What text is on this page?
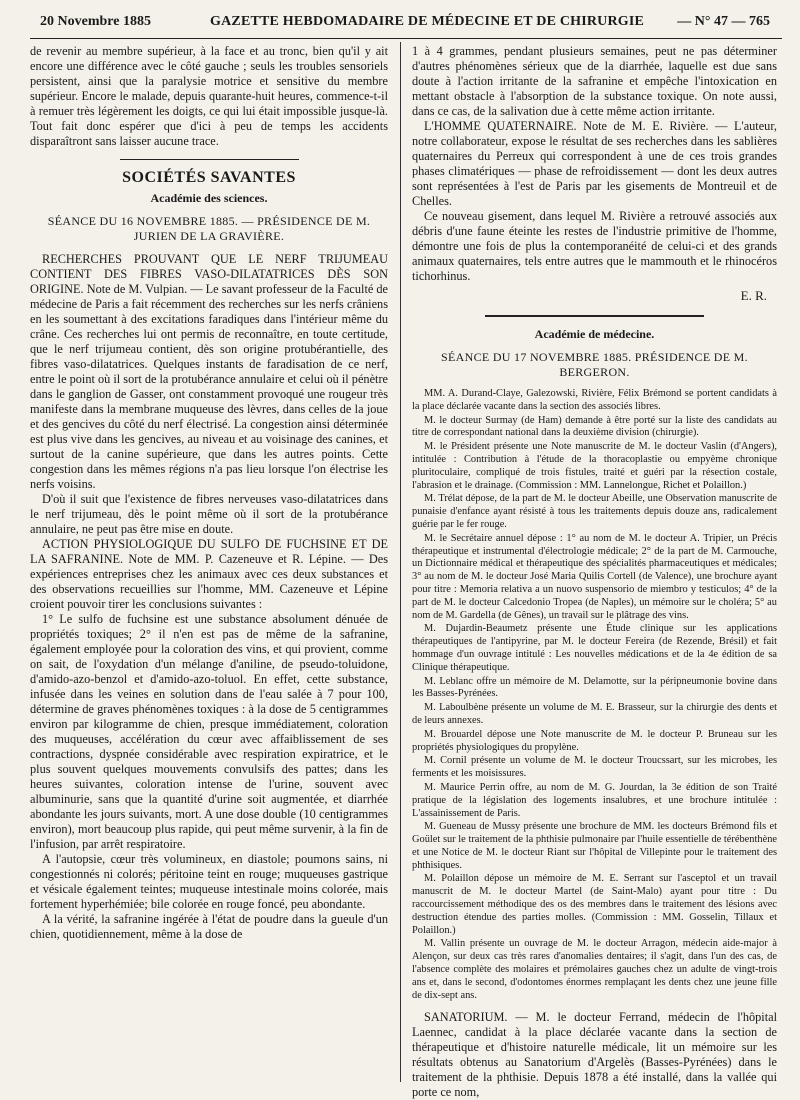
20 Novembre 1885	GAZETTE HEBDOMADAIRE DE MÉDECINE ET DE CHIRURGIE — N° 47 — 765

de revenir au membre supérieur, à la face et au tronc, bien qu'il y ait encore une différence avec le côté gauche ; seuls les troubles sensoriels persistent, ainsi que la paralysie motrice et sensitive du membre supérieur. Encore le malade, depuis quarante-huit heures, commence-t-il à remuer très légèrement les doigts, ce qui lui était impossible jusque-là. Tout fait donc espérer que d'ici à peu de temps les accidents disparaîtront sans laisser aucune trace.

SOCIÉTÉS SAVANTES
Académie des sciences.
SÉANCE DU 16 NOVEMBRE 1885. — PRÉSIDENCE DE M. JURIEN DE LA GRAVIÈRE.

RECHERCHES PROUVANT QUE LE NERF TRIJUMEAU CONTIENT DES FIBRES VASO-DILATATRICES DÈS SON ORIGINE. Note de M. Vulpian. — Le savant professeur de la Faculté de médecine de Paris a fait récemment des recherches sur les nerfs crâniens en les soumettant à des excitations faradiques dans l'intérieur même du crâne. Ces recherches lui ont permis de reconnaître, en toute certitude, que le nerf trijumeau contient, dès son origine protubérantielle, des fibres vaso-dilatatrices. Quelques instants de faradisation de ce nerf, entre le point où il sort de la protubérance annulaire et celui où il pénètre dans le ganglion de Gasser, ont constamment provoqué une rougeur très manifeste dans la membrane muqueuse des lèvres, dans celles de la joue et des gencives du côté du nerf électrisé. La congestion ainsi déterminée est plus vive dans les gencives, au niveau et au voisinage des canines, et surtout de la canine supérieure, que dans les autres points. Cette congestion dans les mêmes régions n'a pas lieu lorsque l'on électrise les nerfs voisins.

D'où il suit que l'existence de fibres nerveuses vaso-dilatatrices dans le nerf trijumeau, dès le point même où il sort de la protubérance annulaire, ne peut pas être mise en doute.

ACTION PHYSIOLOGIQUE DU SULFO DE FUCHSINE ET DE LA SAFRANINE. Note de MM. P. Cazeneuve et R. Lépine. — Des expériences entreprises chez les animaux avec ces deux substances et des observations recueillies sur l'homme, MM. Cazeneuve et Lépine croient pouvoir tirer les conclusions suivantes :

1° Le sulfo de fuchsine est une substance absolument dénuée de propriétés toxiques; 2° il n'en est pas de même de la safranine, également employée pour la coloration des vins, et qui provient, comme on sait, de l'oxydation d'un mélange d'aniline, de pseudo-toluidone, d'amido-azo-benzol et d'amido-azo-toluol. En effet, cette substance, infusée dans les veines en solution dans de l'eau salée à 7 pour 100, détermine de graves phénomènes toxiques : à la dose de 5 centigrammes environ par kilogramme de chien, presque immédiatement, coloration des muqueuses, accélération du cœur avec affaiblissement de ses contractions, dyspnée considérable avec respiration expiratrice, et le plus souvent quelques mouvements convulsifs des pattes; dans les heures suivantes, coloration intense de l'urine, souvent avec albuminurie, sans que la quantité d'urine soit augmentée, et diarrhée abondante les jours suivants, mort. A une dose double (10 centigrammes environ), mort beaucoup plus rapide, qui peut même survenir, à la fin de l'infusion, par arrêt respiratoire.

A l'autopsie, cœur très volumineux, en diastole; poumons sains, ni congestionnés ni colorés; péritoine teint en rouge; muqueuses gastrique et vésicale également teintes; muqueuse intestinale moins colorée, mais fortement hyperhémiée; bile colorée en rouge foncé, peu abondante.

A la vérité, la safranine ingérée à l'état de poudre dans la gueule d'un chien, quotidiennement, même à la dose de

1 à 4 grammes, pendant plusieurs semaines, peut ne pas déterminer d'autres phénomènes sérieux que de la diarrhée, laquelle est due sans doute à l'action irritante de la safranine et empêche l'intoxication en mettant obstacle à l'absorption de la substance toxique. On note aussi, dans ce cas, de la salivation due à cette même action irritante.

L'HOMME QUATERNAIRE. Note de M. E. Rivière. — L'auteur, notre collaborateur, expose le résultat de ses recherches dans les sablières quaternaires du Perreux qui correspondent à une de ces trois grandes phases climatériques — phase de refroidissement — dont les deux autres sont représentées à l'est de Paris par les gisements de Montreuil et de Chelles.

Ce nouveau gisement, dans lequel M. Rivière a retrouvé associés aux débris d'une faune éteinte les restes de l'industrie primitive de l'homme, démontre une fois de plus la contemporanéité de celui-ci et des grands animaux quaternaires, tels entre autres que le mammouth et le rhinocéros tichorhinus.

E. R.
Académie de médecine.
SÉANCE DU 17 NOVEMBRE 1885. PRÉSIDENCE DE M. BERGERON.

MM. A. Durand-Claye, Galezowski, Rivière, Félix Brémond se portent candidats à la place déclarée vacante dans la section des associés libres.

M. le docteur Surmay (de Ham) demande à être porté sur la liste des candidats au titre de correspondant national dans la deuxième division (chirurgie).

M. le Président présente une Note manuscrite de M. le docteur Vaslin (d'Angers), intitulée : Contribution à l'étude de la thoracoplastie ou empyème chronique pluritoculaire, compliqué de trois fistules, traité et guéri par la résection costale, l'abrasion et le drainage. (Commission : MM. Lannelongue, Richet et Polaillon.)

M. Trélat dépose, de la part de M. le docteur Abeille, une Observation manuscrite de punaisie d'enfance ayant résisté à tous les traitements depuis douze ans, radicalement guérie par le fer rouge.

M. le Secrétaire annuel dépose : 1° au nom de M. le docteur A. Tripier, un Précis thérapeutique et instrumental d'électrologie médicale; 2° de la part de M. Carmouche, un Dictionnaire médical et thérapeutique des spécialités pharmaceutiques et médicales; 3° au nom de M. le docteur José Maria Quilis Cortell (de Valence), une brochure ayant pour titre : Memoria relativa a un nuovo suspensorio de miembro y testiculos; 4° de la part de M. le docteur Calcedonio Tropea (de Naples), un mémoire sur le choléra; 5° au nom de M. Gardella (de Gênes), un travail sur le plâtrage des vins.

M. Dujardin-Beaumetz présente une Étude clinique sur les applications thérapeutiques de l'antipyrine, par M. le docteur Fereira (de Rezende, Brésil) et fait hommage d'un ouvrage intitulé : Les nouvelles médications et de la 4e édition de sa Clinique thérapeutique.

M. Leblanc offre un mémoire de M. Delamotte, sur la péripneumonie bovine dans les Basses-Pyrénées.

M. Laboulbène présente un volume de M. E. Brasseur, sur la chirurgie des dents et de leurs annexes.

M. Brouardel dépose une Note manuscrite de M. le docteur P. Bruneau sur les propriétés physiologiques du propylène.

M. Cornil présente un volume de M. le docteur Troucssart, sur les microbes, les ferments et les moisissures.

M. Maurice Perrin offre, au nom de M. G. Jourdan, la 3e édition de son Traité pratique de la législation des logements insalubres, et une brochure intitulée : L'assainissement de Paris.

M. Gueneau de Mussy présente une brochure de MM. les docteurs Brémond fils et Goület sur le traitement de la phthisie pulmonaire par l'huile essentielle de térébenthène et une Notice de M. le docteur Riant sur l'hôpital de Villepinte pour le traitement des phthisiques.

M. Polaillon dépose un mémoire de M. E. Serrant sur l'asceptol et un travail manuscrit de M. le docteur Martel (de Saint-Malo) ayant pour titre : Du raccourcissement méthodique des os des membres dans le traitement des lésions avec destruction étendue des parties molles. (Commission : MM. Gosselin, Tillaux et Polaillon.)

M. Vallin présente un ouvrage de M. le docteur Arragon, médecin aide-major à Alençon, sur deux cas très rares d'anomalies dentaires; il s'agit, dans l'un des cas, de l'absence complète des molaires et prémolaires gauches chez un adulte de vingt-trois ans et, dans le second, d'odontomes énormes remplaçant les dents chez une jeune fille de dix-sept ans.

SANATORIUM. — M. le docteur Ferrand, médecin de l'hôpital Laennec, candidat à la place déclarée vacante dans la section de thérapeutique et d'histoire naturelle médicale, lit un mémoire sur les résultats obtenus au Sanatorium d'Argelès (Basses-Pyrénées) dans le traitement de la phthisie. Depuis 1878 a été installé, dans la vallée qui porte ce nom,
